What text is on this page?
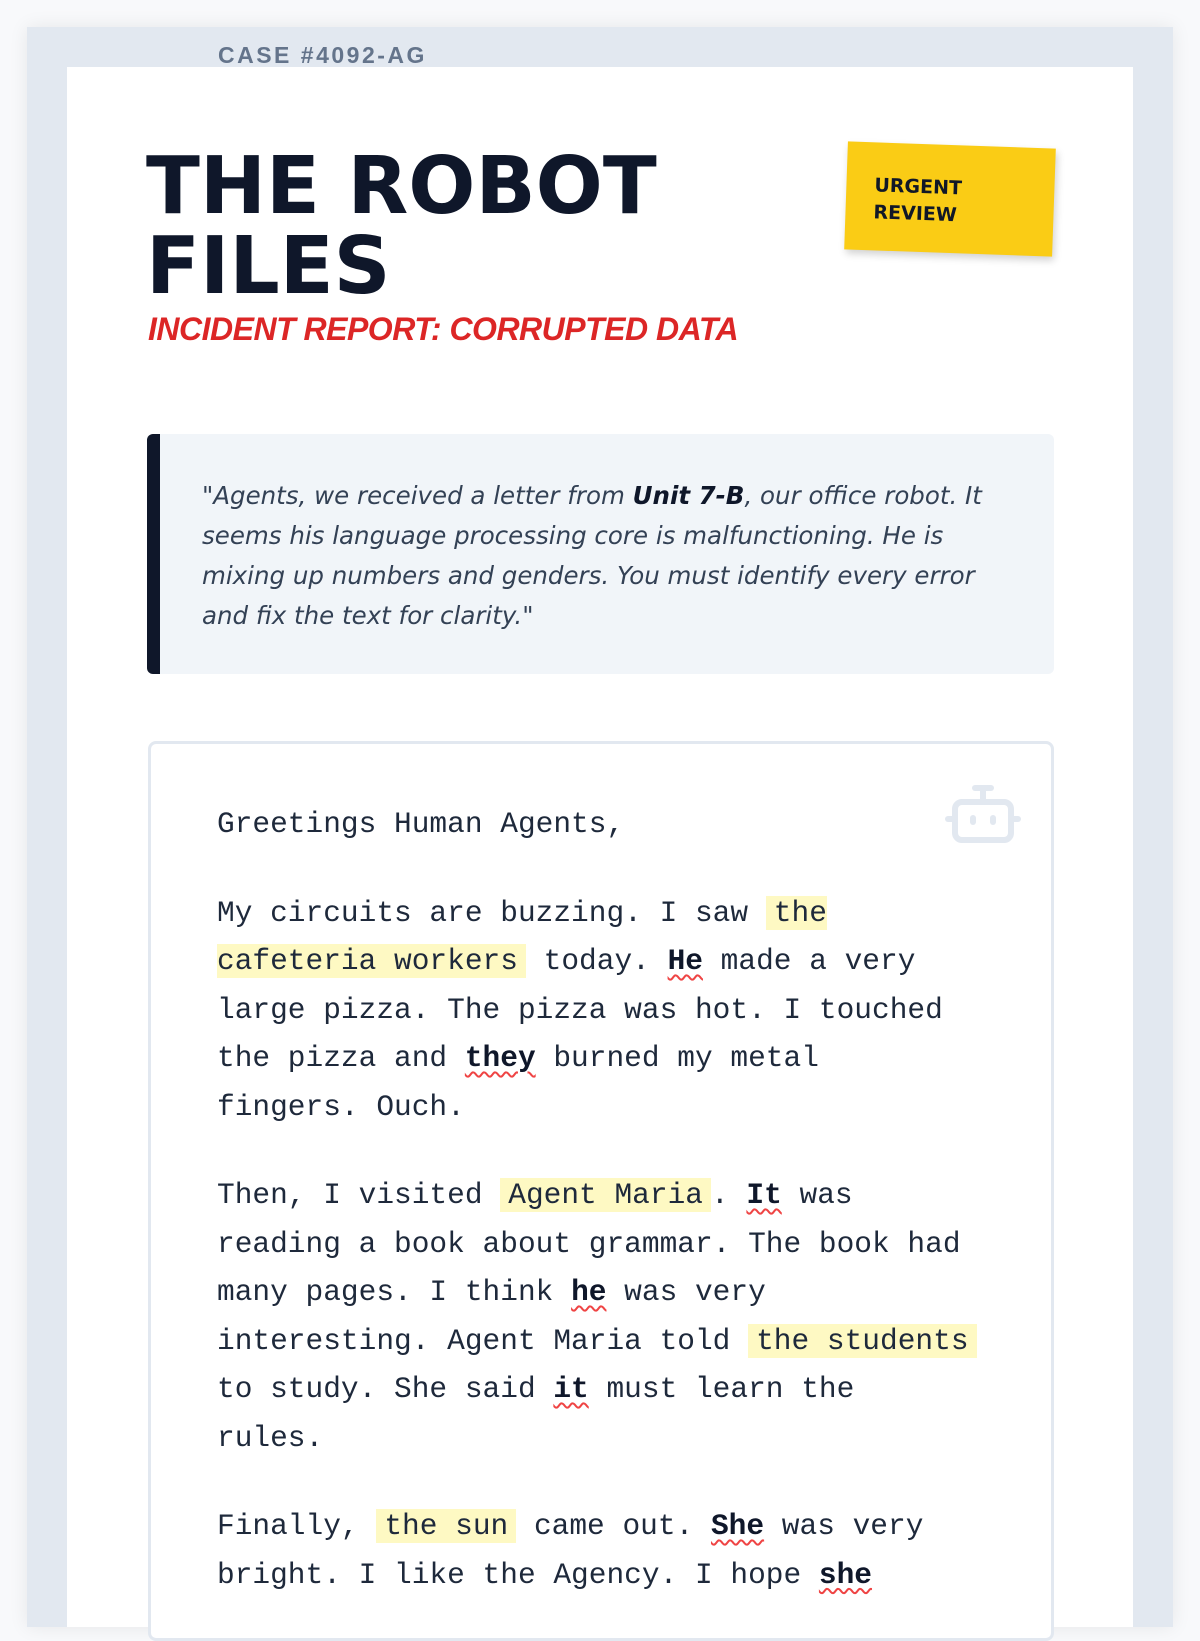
CASE #4092-AG
THE ROBOT
FILES
INCIDENT REPORT: CORRUPTED DATA
URGENT
REVIEW

"Agents, we received a letter from Unit 7-B, our office robot. It seems his language processing core is malfunctioning. He is mixing up numbers and genders. You must identify every error and fix the text for clarity."

Greetings Human Agents,

My circuits are buzzing. I saw the cafeteria workers today. He made a very large pizza. The pizza was hot. I touched the pizza and they burned my metal fingers. Ouch.

Then, I visited Agent Maria . It was reading a book about grammar. The book had many pages. I think he was very interesting. Agent Maria told the students to study. She said it must learn the rules.

Finally, the sun came out. She was very bright. I like the Agency. I hope she
